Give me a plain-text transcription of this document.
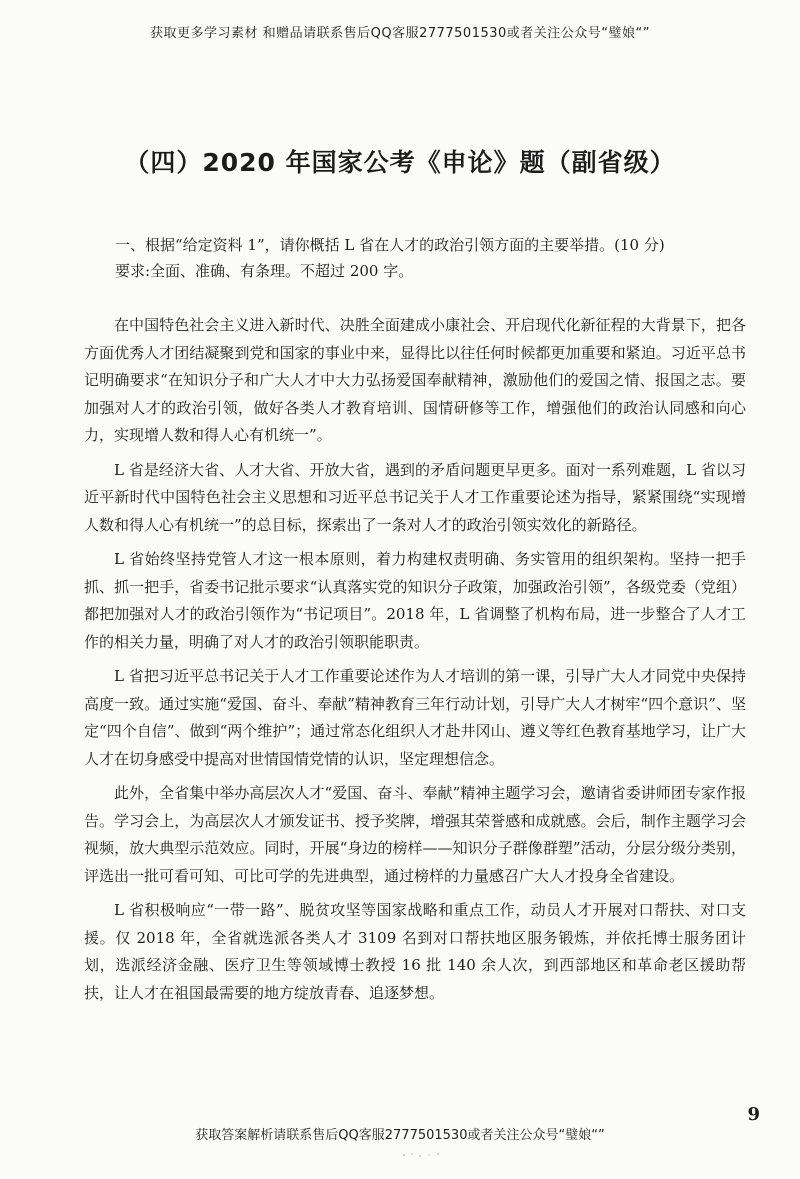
获取更多学习素材 和赠品请联系售后QQ客服2777501530或者关注公众号“璧娘“”
（四）2020 年国家公考《申论》题（副省级）

一、根据“给定资料 1”，请你概括 L 省在人才的政治引领方面的主要举措。(10 分)

要求:全面、准确、有条理。不超过 200 字。

在中国特色社会主义进入新时代、决胜全面建成小康社会、开启现代化新征程的大背景下，把各方面优秀人才团结凝聚到党和国家的事业中来，显得比以往任何时候都更加重要和紧迫。习近平总书记明确要求“在知识分子和广大人才中大力弘扬爱国奉献精神，激励他们的爱国之情、报国之志。要加强对人才的政治引领，做好各类人才教育培训、国情研修等工作，增强他们的政治认同感和向心力，实现增人数和得人心有机统一”。

L 省是经济大省、人才大省、开放大省，遇到的矛盾问题更早更多。面对一系列难题，L 省以习近平新时代中国特色社会主义思想和习近平总书记关于人才工作重要论述为指导，紧紧围绕“实现增人数和得人心有机统一”的总目标，探索出了一条对人才的政治引领实效化的新路径。

L 省始终坚持党管人才这一根本原则，着力构建权责明确、务实管用的组织架构。坚持一把手抓、抓一把手，省委书记批示要求“认真落实党的知识分子政策，加强政治引领”，各级党委（党组）都把加强对人才的政治引领作为“书记项目”。2018 年，L 省调整了机构布局，进一步整合了人才工作的相关力量，明确了对人才的政治引领职能职责。

L 省把习近平总书记关于人才工作重要论述作为人才培训的第一课，引导广大人才同党中央保持高度一致。通过实施“爱国、奋斗、奉献”精神教育三年行动计划，引导广大人才树牢“四个意识”、坚定“四个自信”、做到“两个维护”；通过常态化组织人才赴井冈山、遵义等红色教育基地学习，让广大人才在切身感受中提高对世情国情党情的认识，坚定理想信念。

此外，全省集中举办高层次人才“爱国、奋斗、奉献”精神主题学习会，邀请省委讲师团专家作报告。学习会上，为高层次人才颁发证书、授予奖牌，增强其荣誉感和成就感。会后，制作主题学习会视频，放大典型示范效应。同时，开展“身边的榜样——知识分子群像群塑”活动，分层分级分类别，评选出一批可看可知、可比可学的先进典型，通过榜样的力量感召广大人才投身全省建设。

L 省积极响应“一带一路”、脱贫攻坚等国家战略和重点工作，动员人才开展对口帮扶、对口支援。仅 2018 年，全省就选派各类人才 3109 名到对口帮扶地区服务锻炼，并依托博士服务团计划，选派经济金融、医疗卫生等领域博士教授 16 批 140 余人次，到西部地区和革命老区援助帮扶，让人才在祖国最需要的地方绽放青春、追逐梦想。

9
获取答案解析请联系售后QQ客服2777501530或者关注公众号“璧娘“”
